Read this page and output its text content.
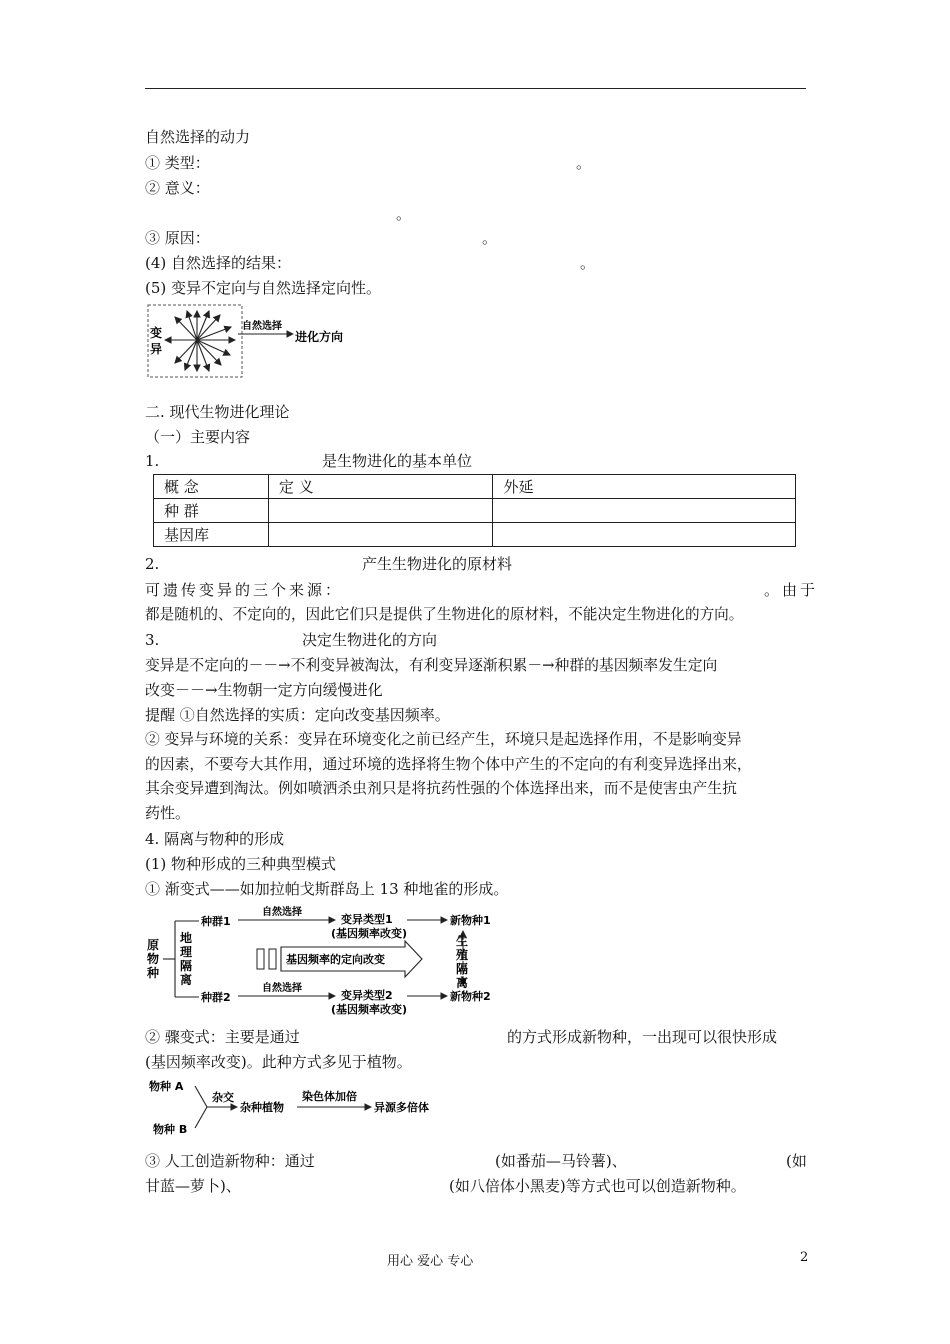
自然选择的动力
① 类型：	。
② 意义：
。
③ 原因：	。
(4) 自然选择的结果：	。
(5) 变异不定向与自然选择定向性。
变
异
自然选择
进化方向
二. 现代生物进化理论
（一）主要内容
1.	是生物进化的基本单位
概 念	定 义	外延
种 群		
基因库		
2.	产生生物进化的原材料
可遗传变异的三个来源：	。由于
都是随机的、不定向的，因此它们只是提供了生物进化的原材料，不能决定生物进化的方向。
3.	决定生物进化的方向
变异是不定向的－－→不利变异被淘汰，有利变异逐渐积累－→种群的基因频率发生定向
改变－－→生物朝一定方向缓慢进化
提醒 ①自然选择的实质：定向改变基因频率。
② 变异与环境的关系：变异在环境变化之前已经产生，环境只是起选择作用，不是影响变异
的因素，不要夸大其作用，通过环境的选择将生物个体中产生的不定向的有利变异选择出来，
其余变异遭到淘汰。例如喷洒杀虫剂只是将抗药性强的个体选择出来，而不是使害虫产生抗
药性。
4. 隔离与物种的形成
(1) 物种形成的三种典型模式
① 渐变式——如加拉帕戈斯群岛上 13 种地雀的形成。
原
物
种
地
理
隔
离
种群1
种群2
自然选择
自然选择
变异类型1
(基因频率改变)
变异类型2
(基因频率改变)
新物种1
新物种2
基因频率的定向改变
生
殖
隔
离
② 骤变式：主要是通过	的方式形成新物种，一出现可以很快形成
(基因频率改变)。此种方式多见于植物。
物种 A
物种 B
杂交
杂种植物
染色体加倍
异源多倍体
③ 人工创造新物种：通过	(如番茄—马铃薯)、	(如
甘蓝—萝卜)、	(如八倍体小黑麦)等方式也可以创造新物种。
用心 爱心 专心	2
